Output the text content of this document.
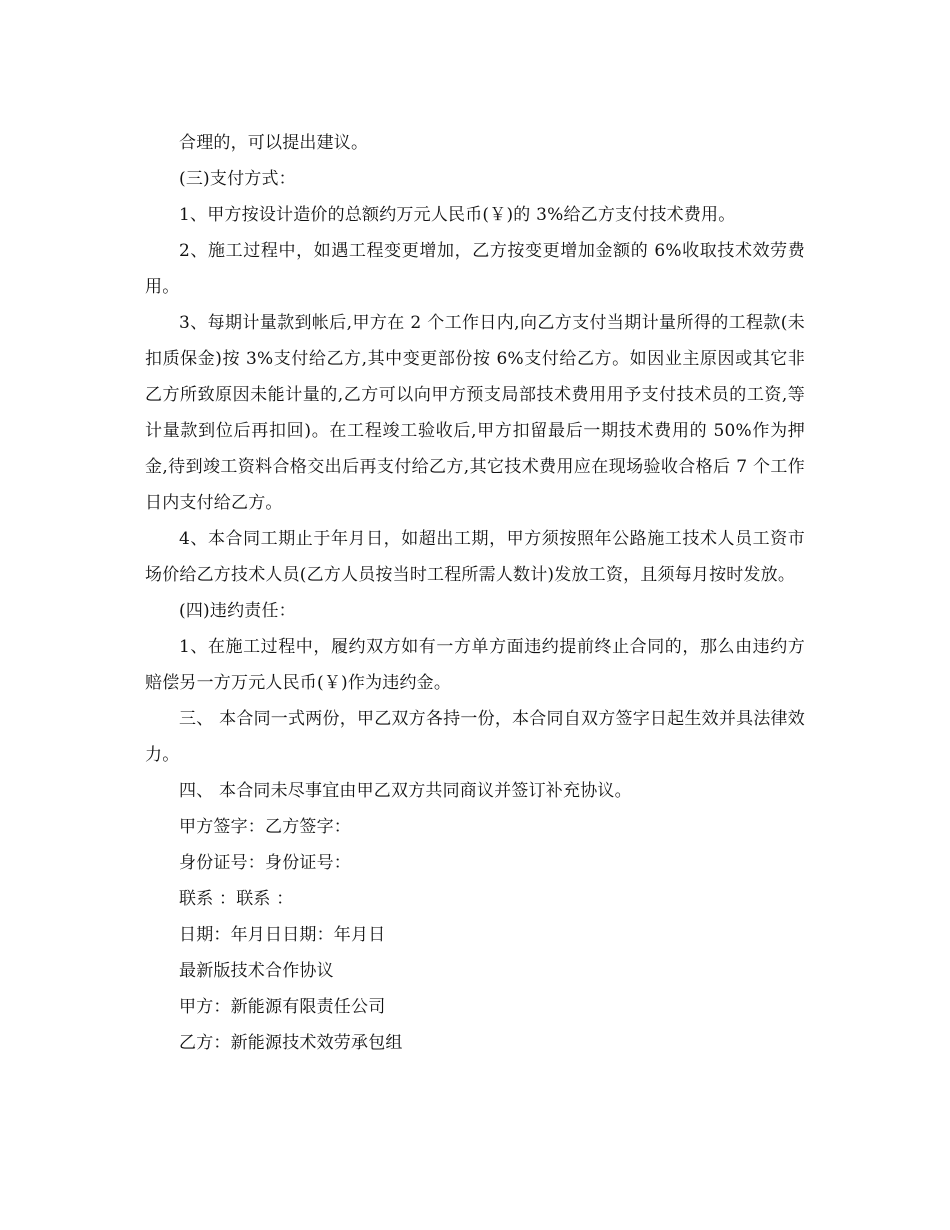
合理的，可以提出建议。

(三)支付方式：

1、甲方按设计造价的总额约万元人民币(￥)的 3%给乙方支付技术费用。

2、施工过程中，如遇工程变更增加，乙方按变更增加金额的 6%收取技术效劳费用。

3、每期计量款到帐后,甲方在 2 个工作日内,向乙方支付当期计量所得的工程款(未扣质保金)按 3%支付给乙方,其中变更部份按 6%支付给乙方。如因业主原因或其它非乙方所致原因未能计量的,乙方可以向甲方预支局部技术费用用予支付技术员的工资,等计量款到位后再扣回)。在工程竣工验收后,甲方扣留最后一期技术费用的 50%作为押金,待到竣工资料合格交出后再支付给乙方,其它技术费用应在现场验收合格后 7 个工作日内支付给乙方。

4、本合同工期止于年月日，如超出工期，甲方须按照年公路施工技术人员工资市场价给乙方技术人员(乙方人员按当时工程所需人数计)发放工资，且须每月按时发放。

(四)违约责任：

1、在施工过程中，履约双方如有一方单方面违约提前终止合同的，那么由违约方赔偿另一方万元人民币(￥)作为违约金。

三、 本合同一式两份，甲乙双方各持一份，本合同自双方签字日起生效并具法律效力。

四、 本合同未尽事宜由甲乙双方共同商议并签订补充协议。

甲方签字：乙方签字：

身份证号：身份证号：

联系 ：联系 ：

日期：年月日日期：年月日

最新版技术合作协议

甲方：新能源有限责任公司

乙方：新能源技术效劳承包组
